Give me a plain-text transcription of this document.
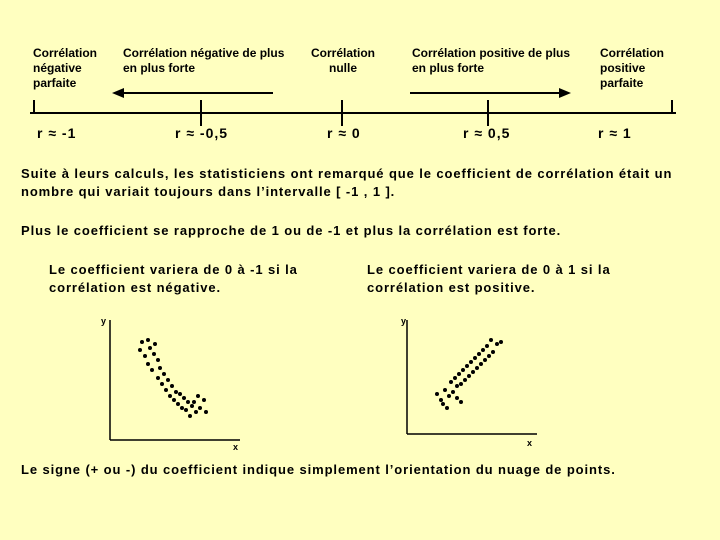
Corrélation négative parfaite
Corrélation négative de plus en plus forte
Corrélation nulle
Corrélation positive de plus en plus forte
Corrélation positive parfaite
r ≈ -1	r ≈ -0,5	r ≈ 0	r ≈ 0,5	r ≈ 1
Suite à leurs calculs, les statisticiens ont remarqué que le coefficient de corrélation était un nombre qui variait toujours dans l’intervalle [ -1 , 1 ].
Plus le coefficient se rapproche de 1 ou de -1 et plus la corrélation est forte.
Le coefficient variera de 0 à -1 si la corrélation est négative.
Le coefficient variera de 0 à 1 si la corrélation est positive.
y
x
y
x
Le signe (+ ou -) du coefficient indique simplement l’orientation du nuage de points.
